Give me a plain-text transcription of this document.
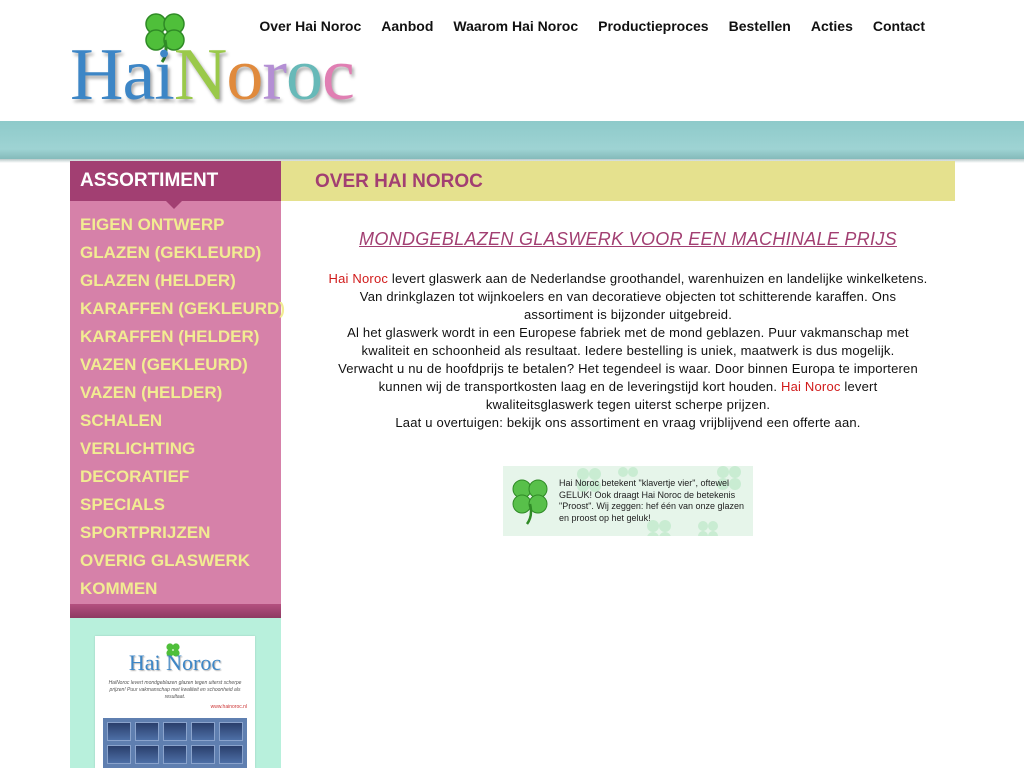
HaiNoroc
Over Hai Noroc Aanbod Waarom Hai Noroc Productieproces Bestellen Acties Contact
ASSORTIMENT
EIGEN ONTWERP
GLAZEN (GEKLEURD)
GLAZEN (HELDER)
KARAFFEN (GEKLEURD)
KARAFFEN (HELDER)
VAZEN (GEKLEURD)
VAZEN (HELDER)
SCHALEN
VERLICHTING
DECORATIEF
SPECIALS
SPORTPRIJZEN
OVERIG GLASWERK
KOMMEN
Hai Noroc
HaiNoroc levert mondgeblazen glazen tegen uiterst scherpe prijzen! Puur vakmanschap met kwaliteit en schoonheid als resultaat.
www.hainoroc.nl
OVER HAI NOROC
MONDGEBLAZEN GLASWERK VOOR EEN MACHINALE PRIJS

Hai Noroc levert glaswerk aan de Nederlandse groothandel, warenhuizen en landelijke winkelketens. Van drinkglazen tot wijnkoelers en van decoratieve objecten tot schitterende karaffen. Ons assortiment is bijzonder uitgebreid.

Al het glaswerk wordt in een Europese fabriek met de mond geblazen. Puur vakmanschap met kwaliteit en schoonheid als resultaat. Iedere bestelling is uniek, maatwerk is dus mogelijk.

Verwacht u nu de hoofdprijs te betalen? Het tegendeel is waar. Door binnen Europa te importeren kunnen wij de transportkosten laag en de leveringstijd kort houden. Hai Noroc levert kwaliteitsglaswerk tegen uiterst scherpe prijzen.

Laat u overtuigen: bekijk ons assortiment en vraag vrijblijvend een offerte aan.

Hai Noroc betekent "klavertje vier", oftewel GELUK! Ook draagt Hai Noroc de betekenis "Proost". Wij zeggen: hef één van onze glazen en proost op het geluk!
